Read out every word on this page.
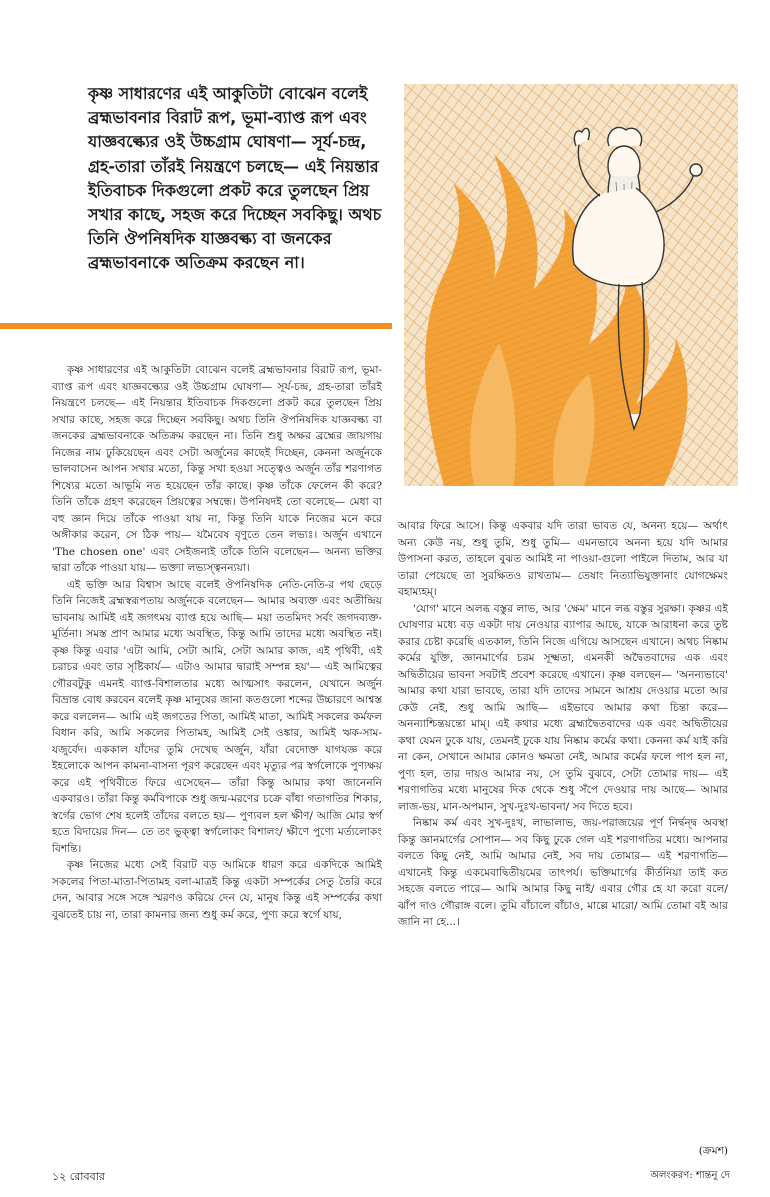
কৃষ্ণ সাধারণের এই আকুতিটা বোঝেন বলেই ব্রহ্মভাবনার বিরাট রূপ, ভূমা-ব্যাপ্ত রূপ এবং যাজ্ঞবল্ক্যের ওই উচ্চগ্রাম ঘোষণা— সূর্য-চন্দ্র, গ্রহ-তারা তাঁরই নিয়ন্ত্রণে চলছে— এই নিয়ন্তার ইতিবাচক দিকগুলো প্রকট করে তুলছেন প্রিয় সখার কাছে, সহজ করে দিচ্ছেন সবকিছু। অথচ তিনি ঔপনিষদিক যাজ্ঞবল্ক্য বা জনকের ব্রহ্মভাবনাকে অতিক্রম করছেন না।

কৃষ্ণ সাধারণের এই আকুতিটা বোঝেন বলেই ব্রহ্মভাবনার বিরাট রূপ, ভূমা-ব্যাপ্ত রূপ এবং যাজ্ঞবল্ক্যের ওই উচ্চগ্রাম ঘোষণা— সূর্য-চন্দ্র, গ্রহ-তারা তাঁরই নিয়ন্ত্রণে চলছে— এই নিয়ন্তার ইতিবাচক দিকগুলো প্রকট করে তুলছেন প্রিয় সখার কাছে, সহজ করে দিচ্ছেন সবকিছু। অথচ তিনি ঔপনিষদিক যাজ্ঞবল্ক্য বা জনকের ব্রহ্মভাবনাকে অতিক্রম করছেন না। তিনি শুধু অক্ষর ব্রহ্মের জায়গায় নিজের নাম ঢুকিয়েছেন এবং সেটা অর্জুনের কাছেই দিচ্ছেন, কেননা অর্জুনকে ভালবাসেন আপন সখার মতো, কিন্তু সখা হওয়া সত্ত্বেও অর্জুন তাঁর শরণাগত শিষ্যের মতো আভূমি নত হয়েছেন তাঁর কাছে। কৃষ্ণ তাঁকে ফেলেন কী করে? তিনি তাঁকে গ্রহণ করেছেন প্রিয়ত্বের সম্বন্ধে। উপনিষদই তো বলেছে— মেধা বা বহু জ্ঞান দিয়ে তাঁকে পাওয়া যায় না, কিন্তু তিনি যাকে নিজের মনে করে অঙ্গীকার করেন, সে ঠিক পায়— যমৈবেষ বৃণুতে তেন লভ্যঃ। অর্জুন এখানে 'The chosen one' এবং সেইজন্যই তাঁকে তিনি বলেছেন— অনন্য ভক্তির দ্বারা তাঁকে পাওয়া যায়— ভক্ত্যা লভ্যস্ত্বনন্যয়া।

এই ভক্তি আর বিশ্বাস আছে বলেই ঔপনিষদিক নেতি-নেতি-র পথ ছেড়ে তিনি নিজেই ব্রহ্মস্বরূপতায় অর্জুনকে বলেছেন— আমার অব্যক্ত এবং অতীন্দ্রিয় ভাবনায় আমিই এই জগৎময় ব্যাপ্ত হয়ে আছি— ময়া ততমিদং সর্বং জগদব্যক্ত-মূর্তিনা। সমস্ত প্রাণ আমার মধ্যে অবস্থিত, কিন্তু আমি তাদের মধ্যে অবস্থিত নই। কৃষ্ণ কিন্তু এবার 'এটা আমি, সেটা আমি, সেটা আমার কাজ, এই পৃথিবী, এই চরাচর এবং তার সৃষ্টিকার্য— এটাও আমার দ্বারাই সম্পন্ন হয়'— এই আমিত্বের গৌরবটুকু এমনই ব্যাপ্ত-বিশালতার মধ্যে আত্মসাৎ করলেন, যেখানে অর্জুন বিভ্রান্ত বোধ করবেন বলেই কৃষ্ণ মানুষের জানা কতগুলো শব্দের উচ্চারণে আশ্বস্ত করে বললেন— আমি এই জগতের পিতা, আমিই মাতা, আমিই সকলের কর্মফল বিধান করি, আমি সকলের পিতামহ, আমিই সেই ওঙ্কার, আমিই ঋক-সাম-যজুর্বেদ। এককাল যাঁদের তুমি দেখেছ অর্জুন, যাঁরা বেদোক্ত যাগযজ্ঞ করে ইহলোকে আপন কামনা-বাসনা পূরণ করেছেন এবং মৃত্যুর পর স্বর্গলোকে পুণ্যক্ষয় করে এই পৃথিবীতে ফিরে এসেছেন— তাঁরা কিন্তু আমার কথা জানেননি একবারও। তাঁরা কিন্তু কর্মবিপাকে শুধু জন্ম-মরণের চক্রে বাঁধা গতাগতির শিকার, স্বর্গের ভোগ শেষ হলেই তাঁদের বলতে হয়— পুণ্যবল হল ক্ষীণ/ আজি মোর স্বর্গ হতে বিদায়ের দিন— তে তং ভুক্ত্বা স্বর্গলোকং বিশালং/ ক্ষীণে পুণ্যে মর্ত্যলোকং বিশন্তি।

কৃষ্ণ নিজের মধ্যে সেই বিরাট বড় আমিকে ধারণ করে একদিকে আমিই সকলের পিতা-মাতা-পিতামহ বলা-মাত্রই কিন্তু একটা সম্পর্কের সেতু তৈরি করে দেন, আবার সঙ্গে সঙ্গে স্মরণও করিয়ে দেন যে, মানুষ কিন্তু এই সম্পর্কের কথা বুঝতেই চায় না, তারা কামনার জন্য শুধু কর্ম করে, পুণ্য করে স্বর্গে যায়,

আবার ফিরে আসে। কিন্তু একবার যদি তারা ভাবত যে, অনন্য হয়ে— অর্থাৎ অন্য কেউ নয়, শুধু তুমি, শুধু তুমি— এমনভাবে অনন্য হয়ে যদি আমার উপাসনা করত, তাহলে বুঝত আমিই না পাওয়া-গুলো পাইলে দিতাম, আর যা তারা পেয়েছে তা সুরক্ষিতও রাখতাম— তেষাং নিত্যাভিযুক্তানাং যোগক্ষেমং বহাম্যহম্।

'যোগ' মানে অলব্ধ বস্তুর লাভ, আর 'ক্ষেম' মানে লব্ধ বস্তুর সুরক্ষা। কৃষ্ণর এই ঘোষণার মধ্যে বড় একটা দায় নেওয়ার ব্যাপার আছে, যাকে আরাধনা করে তুষ্ট করার চেষ্টা করেছি এতকাল, তিনি নিজে এগিয়ে আসছেন এখানে। অথচ নিষ্কাম কর্মের যুক্তি, জ্ঞানমার্গের চরম সূক্ষ্মতা, এমনকী অদ্বৈতবাদের এক এবং অদ্বিতীয়ের ভাবনা সবটাই প্রবেশ করেছে এখানে। কৃষ্ণ বলছেন— 'অনন্যভাবে' আমার কথা যারা ভাবছে, তারা যদি তাদের সামনে আশ্রয় দেওয়ার মতো আর কেউ নেই, শুধু আমি আছি— এইভাবে আমার কথা চিন্তা করে— অনন্যাশ্চিন্তয়ন্তো মাম্। এই কথার মধ্যে ব্রহ্মাদ্বৈতবাদের এক এবং অদ্বিতীয়ের কথা যেমন ঢুকে যায়, তেমনই ঢুকে যায় নিষ্কাম কর্মের কথা। কেননা কর্ম যাই করি না কেন, সেখানে আমার কোনও ক্ষমতা নেই, আমার কর্মের ফলে পাপ হল না, পুণ্য হল, তার দায়ও আমার নয়, সে তুমি বুঝবে, সেটা তোমার দায়— এই শরণাগতির মধ্যে মানুষের দিক থেকে শুধু সঁপে দেওয়ার দায় আছে— আমার লাজ-ভয়, মান-অপমান, সুখ-দুঃখ-ভাবনা/ সব দিতে হবে।

নিষ্কাম কর্ম এবং সুখ-দুঃখ, লাভালাভ, জয়-পরাজয়ের পূর্ণ নির্দ্বন্দ্ব অবস্থা কিন্তু জ্ঞানমার্গের সোপান— সব কিছু ঢুকে গেল এই শরণাগতির মধ্যে। আপনার বলতে কিছু নেই, আমি আমার নেই, সব দায় তোমার— এই শরণাগতি— এখানেই কিন্তু একমেবাদ্বিতীয়মের তাৎপর্য। ভক্তিমার্গের কীর্তনিয়া তাই কত সহজে বলতে পারে— আমি আমার কিছু নাই/ এবার গৌর হে যা করো বলে/ ঝাঁপ দাও গৌরাঙ্গ বলে। তুমি বাঁচালে বাঁচাও, মাল্লে মারো/ আমি তোমা বই আর জানি না হে...।

(ক্রমশ)
অলংকরণ: শান্তনু দে
১২ রোববার
